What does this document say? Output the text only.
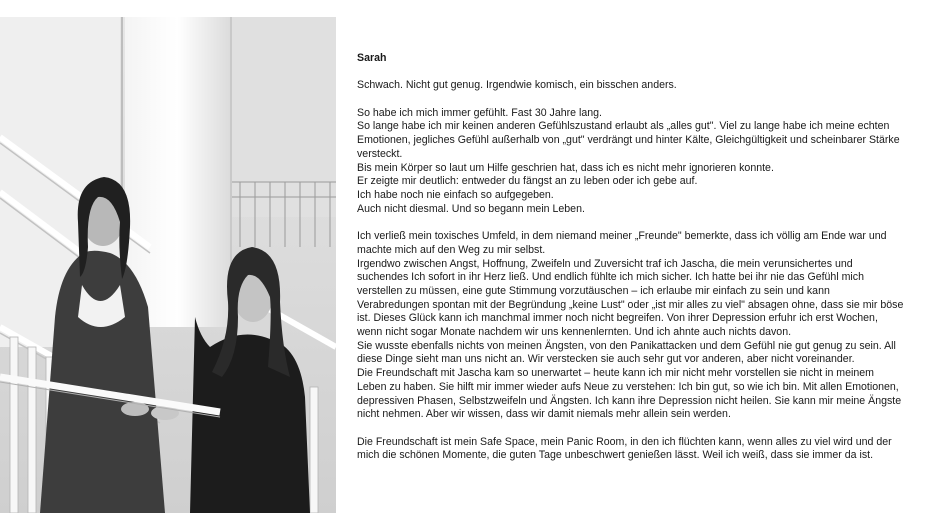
Sarah

Schwach. Nicht gut genug. Irgendwie komisch, ein bisschen anders.

So habe ich mich immer gefühlt. Fast 30 Jahre lang.

So lange habe ich mir keinen anderen Gefühlszustand erlaubt als „alles gut". Viel zu lange habe ich meine echten Emotionen, jegliches Gefühl außerhalb von „gut" verdrängt und hinter Kälte, Gleichgültigkeit und scheinbarer Stärke versteckt.

Bis mein Körper so laut um Hilfe geschrien hat, dass ich es nicht mehr ignorieren konnte.

Er zeigte mir deutlich: entweder du fängst an zu leben oder ich gebe auf.

Ich habe noch nie einfach so aufgegeben.

Auch nicht diesmal. Und so begann mein Leben.

Ich verließ mein toxisches Umfeld, in dem niemand meiner „Freunde" bemerkte, dass ich völlig am Ende war und machte mich auf den Weg zu mir selbst.

Irgendwo zwischen Angst, Hoffnung, Zweifeln und Zuversicht traf ich Jascha, die mein verunsichertes und suchendes Ich sofort in ihr Herz ließ. Und endlich fühlte ich mich sicher. Ich hatte bei ihr nie das Gefühl mich verstellen zu müssen, eine gute Stimmung vorzutäuschen – ich erlaube mir einfach zu sein und kann Verabredungen spontan mit der Begründung „keine Lust" oder „ist mir alles zu viel" absagen ohne, dass sie mir böse ist. Dieses Glück kann ich manchmal immer noch nicht begreifen. Von ihrer Depression erfuhr ich erst Wochen, wenn nicht sogar Monate nachdem wir uns kennenlernten. Und ich ahnte auch nichts davon.

Sie wusste ebenfalls nichts von meinen Ängsten, von den Panikattacken und dem Gefühl nie gut genug zu sein. All diese Dinge sieht man uns nicht an. Wir verstecken sie auch sehr gut vor anderen, aber nicht voreinander.

Die Freundschaft mit Jascha kam so unerwartet – heute kann ich mir nicht mehr vorstellen sie nicht in meinem Leben zu haben. Sie hilft mir immer wieder aufs Neue zu verstehen: Ich bin gut, so wie ich bin. Mit allen Emotionen, depressiven Phasen, Selbstzweifeln und Ängsten. Ich kann ihre Depression nicht heilen. Sie kann mir meine Ängste nicht nehmen. Aber wir wissen, dass wir damit niemals mehr allein sein werden.

Die Freundschaft ist mein Safe Space, mein Panic Room, in den ich flüchten kann, wenn alles zu viel wird und der mich die schönen Momente, die guten Tage unbeschwert genießen lässt. Weil ich weiß, dass sie immer da ist.
